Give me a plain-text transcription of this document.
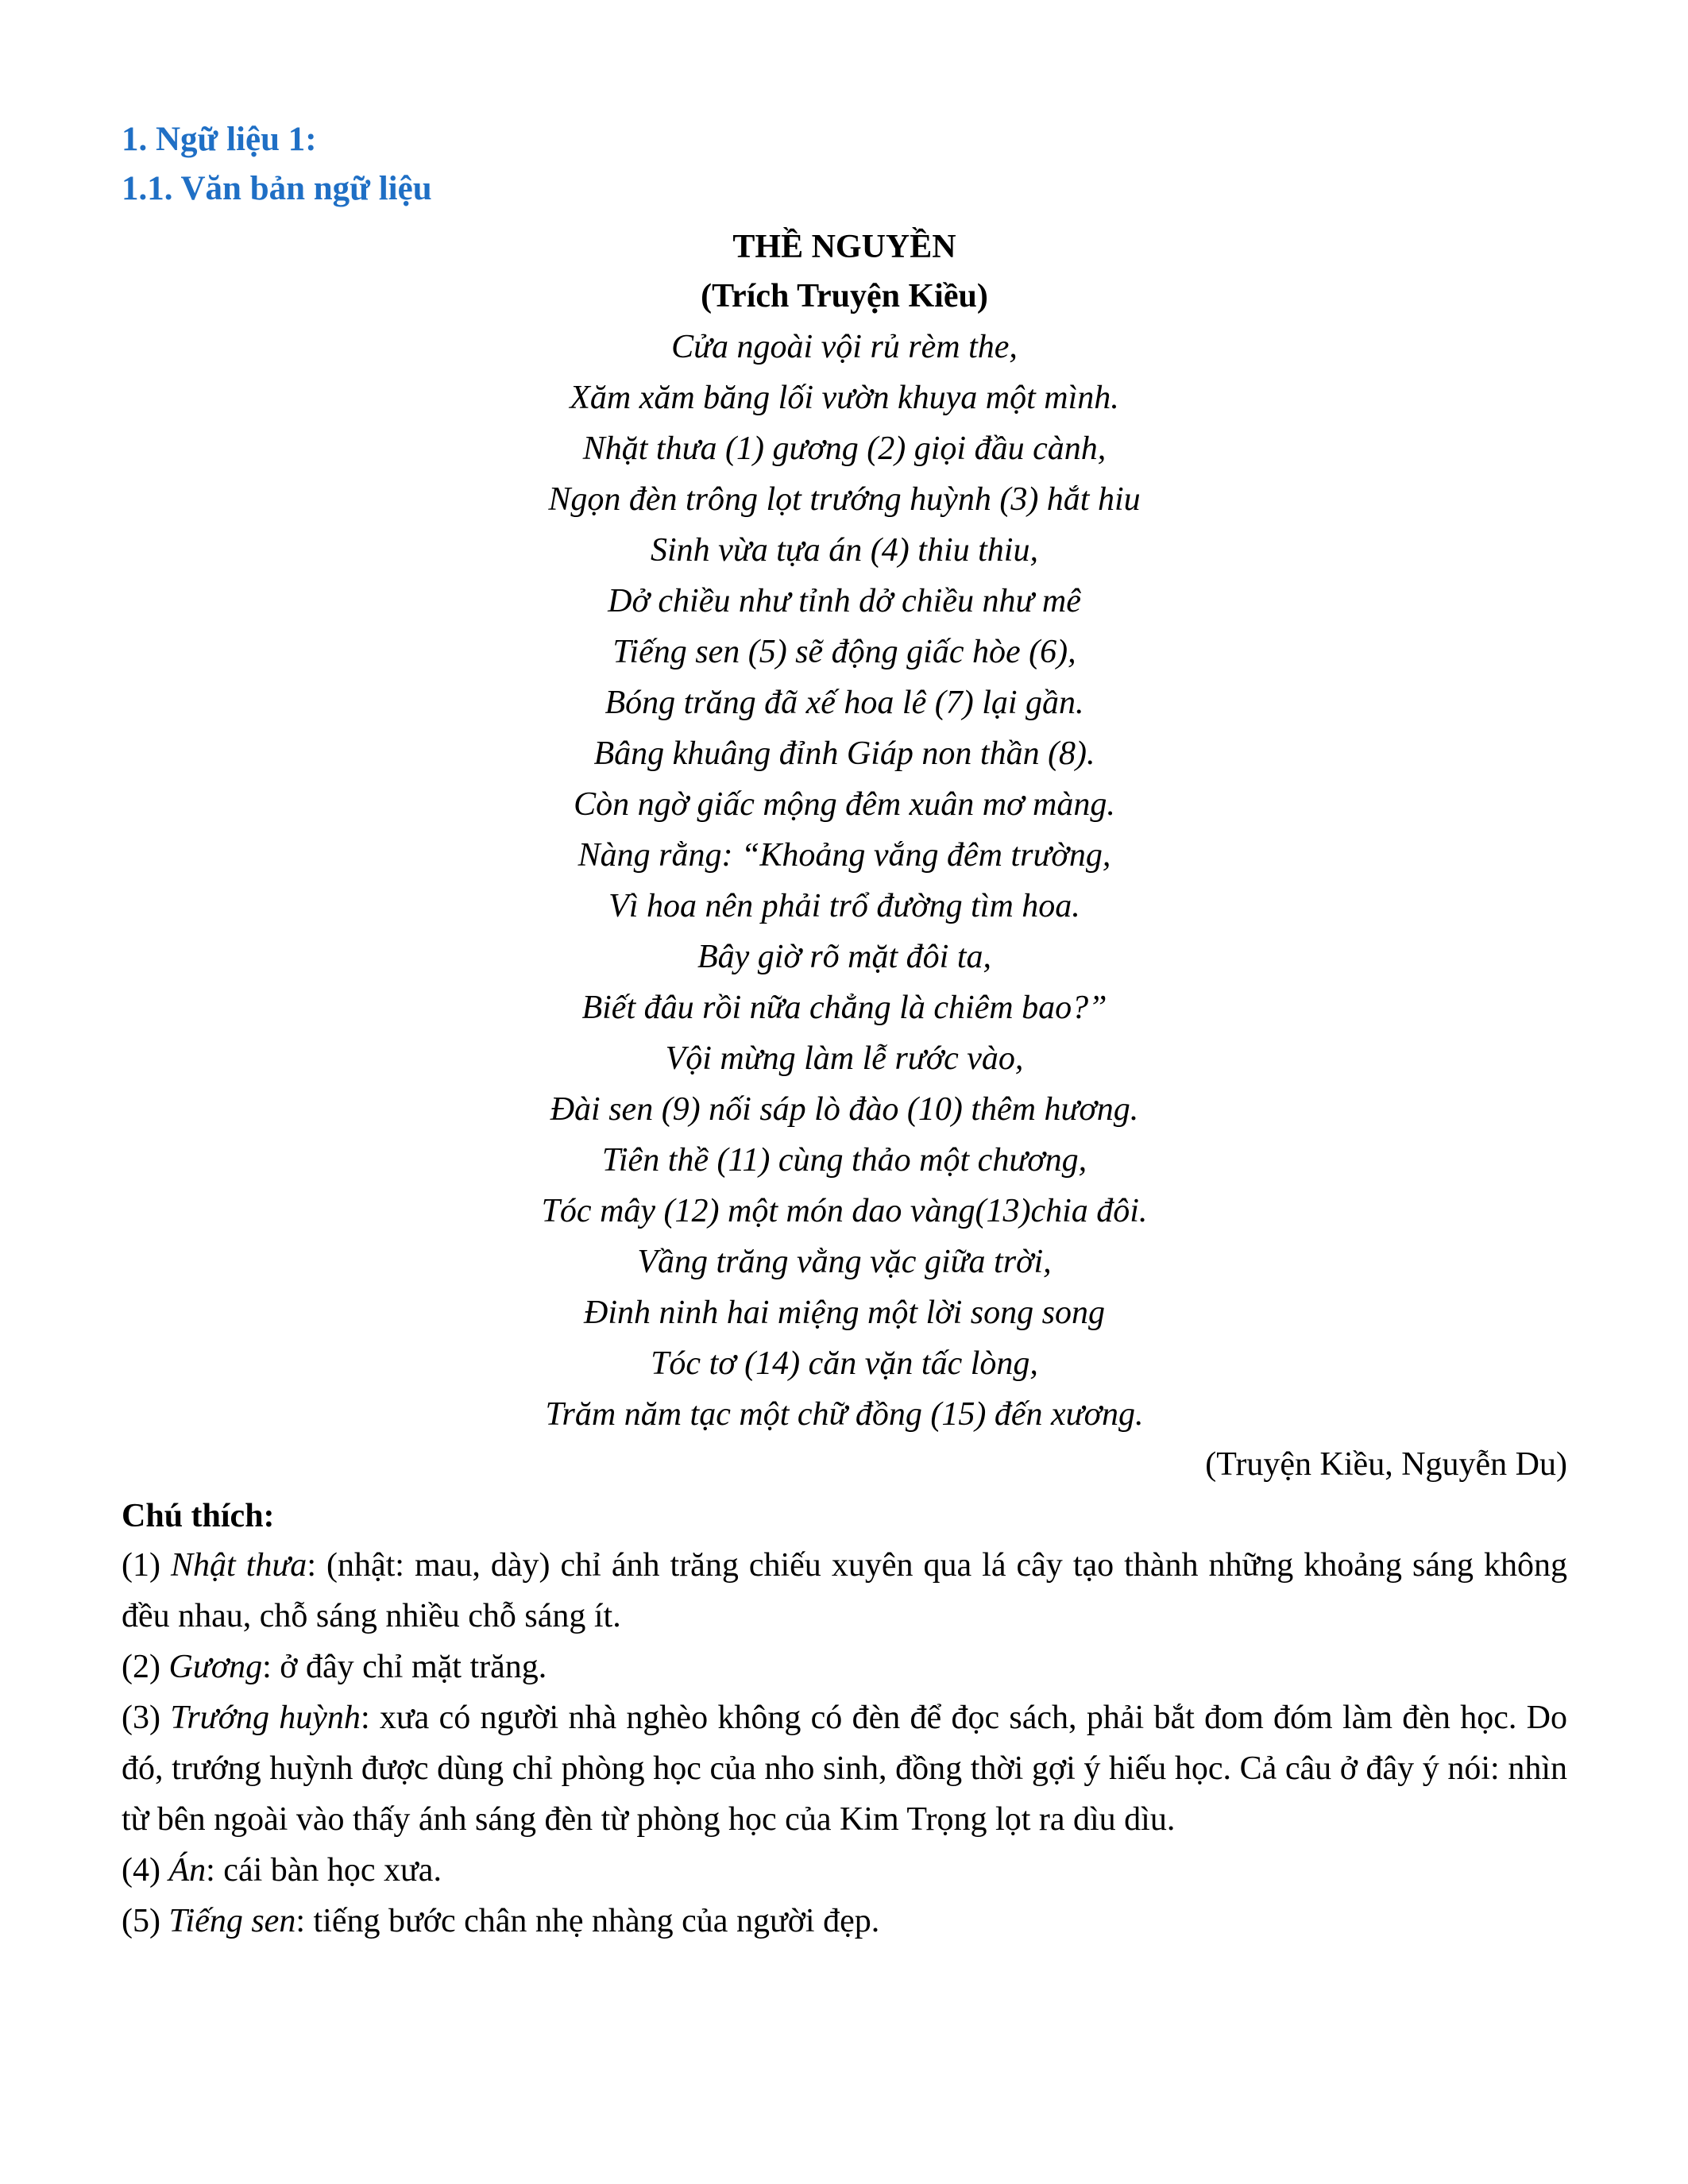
1. Ngữ liệu 1:

1.1. Văn bản ngữ liệu

THỀ NGUYỀN

(Trích Truyện Kiều)

Cửa ngoài vội rủ rèm the,
Xăm xăm băng lối vườn khuya một mình.
Nhặt thưa (1) gương (2) giọi đầu cành,
Ngọn đèn trông lọt trướng huỳnh (3) hắt hiu
Sinh vừa tựa án (4) thiu thiu,
Dở chiều như tỉnh dở chiều như mê
Tiếng sen (5) sẽ động giấc hòe (6),
Bóng trăng đã xế hoa lê (7) lại gần.
Bâng khuâng đỉnh Giáp non thần (8).
Còn ngờ giấc mộng đêm xuân mơ màng.
Nàng rằng: “Khoảng vắng đêm trường,
Vì hoa nên phải trổ đường tìm hoa.
Bây giờ rõ mặt đôi ta,
Biết đâu rồi nữa chẳng là chiêm bao?”
Vội mừng làm lễ rước vào,
Đài sen (9) nối sáp lò đào (10) thêm hương.
Tiên thề (11) cùng thảo một chương,
Tóc mây (12) một món dao vàng(13)chia đôi.
Vầng trăng vằng vặc giữa trời,
Đinh ninh hai miệng một lời song song
Tóc tơ (14) căn vặn tấc lòng,
Trăm năm tạc một chữ đồng (15) đến xương.

(Truyện Kiều, Nguyễn Du)

Chú thích:

(1) Nhật thưa: (nhật: mau, dày) chỉ ánh trăng chiếu xuyên qua lá cây tạo thành những khoảng sáng không đều nhau, chỗ sáng nhiều chỗ sáng ít.

(2) Gương: ở đây chỉ mặt trăng.

(3) Trướng huỳnh: xưa có người nhà nghèo không có đèn để đọc sách, phải bắt đom đóm làm đèn học. Do đó, trướng huỳnh được dùng chỉ phòng học của nho sinh, đồng thời gợi ý hiếu học. Cả câu ở đây ý nói: nhìn từ bên ngoài vào thấy ánh sáng đèn từ phòng học của Kim Trọng lọt ra dìu dìu.

(4) Án: cái bàn học xưa.

(5) Tiếng sen: tiếng bước chân nhẹ nhàng của người đẹp.
